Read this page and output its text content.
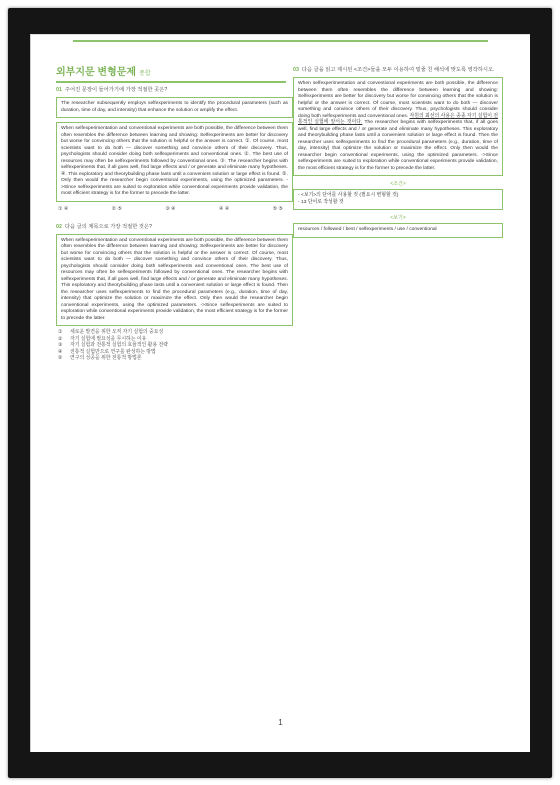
외부지문 변형문제 종합
01 주어진 문장이 들어가기에 가장 적절한 곳은?
The researcher subsequently employs selfexperiments to identify the procedural parameters (such as duration, time of day, and intensity) that enhance the solution or amplify the effect.
When selfexperimentation and conventional experiments are both possible, the difference between them often resembles the difference between learning and showing: Selfexperiments are better for discovery but worse for convincing others that the solution is helpful or the answer is correct. ①. Of course, most scientists want to do both — discover something and convince others of their discovery. Thus, psychologists should consider doing both selfexperiments and conventional ones. ②. The best use of resources may often be selfexperiments followed by conventional ones. ③. The researcher begins with selfexperiments that, if all goes well, find large effects and / or generate and eliminate many hypotheses. ④. This exploratory and theorybuilding phase lasts until a convenient solution or large effect is found. ⑤. Only then would the researcher begin conventional experiments, using the optimized parameters. ->Since selfexperiments are suited to exploration while conventional experiments provide validation, the most efficient strategy is for the former to precede the latter.
① ④	② ⑤	③ ④	④ ④	⑤ ⑤
02 다음 글의 제목으로 가장 적절한 것은?
When selfexperimentation and conventional experiments are both possible, the difference between them often resembles the difference between learning and showing: Selfexperiments are better for discovery but worse for convincing others that the solution is helpful or the answer is correct. Of course, most scientists want to do both — discover something and convince others of their discovery. Thus, psychologists should consider doing both selfexperiments and conventional ones. The best use of resources may often be selfexperiments followed by conventional ones. The researcher begins with selfexperiments that, if all goes well, find large effects and / or generate and eliminate many hypotheses. This exploratory and theorybuilding phase lasts until a convenient solution or large effect is found. Then the researcher uses selfexperiments to find the procedural parameters (e.g., duration, time of day, intensity) that optimize the solution or maximize the effect. Only then would the researcher begin conventional experiments, using the optimized parameters. ->Since selfexperiments are suited to exploration while conventional experiments provide validation, the most efficient strategy is for the former to precede the latter.
① 새로운 발견을 위한 오직 자기 실험의 중요성
② 자기 실험에 필요성을 무시하는 이유
③ 자기 실험과 전통적 실험의 효율적인 활용 전략
④ 전통적 실험만으로 연구를 완성하는 방법
⑤ 연구의 성공을 위한 전통적 방법론
03 다음 글을 읽고 제시된 <조건>들을 모두 이용하여 밑줄 친 해석에 맞도록 영작하시오.
When selfexperimentation and conventional experiments are both possible, the difference between them often resembles the difference between learning and showing: Selfexperiments are better for discovery but worse for convincing others that the solution is helpful or the answer is correct. Of course, most scientists want to do both — discover something and convince others of their discovery. Thus, psychologists should consider doing both selfexperiments and conventional ones. 자원의 최선의 사용은 종종 자기 실험이 전통적인 실험에 앞서는 것이다. The researcher begins with selfexperiments that, if all goes well, find large effects and / or generate and eliminate many hypotheses. This exploratory and theorybuilding phase lasts until a convenient solution or large effect is found. Then the researcher uses selfexperiments to find the procedural parameters (e.g., duration, time of day, intensity) that optimize the solution or maximize the effect. Only then would the researcher begin conventional experiments, using the optimized parameters. ->Since selfexperiments are suited to exploration while conventional experiments provide validation, the most efficient strategy is for the former to precede the latter.
<조건>
- <보기>의 단어를 사용할 것 (필요시 변형할 것)
- 13 단어로 작성할 것
<보기>
resources / followed / best / selfexperiments / use / conventional
1
